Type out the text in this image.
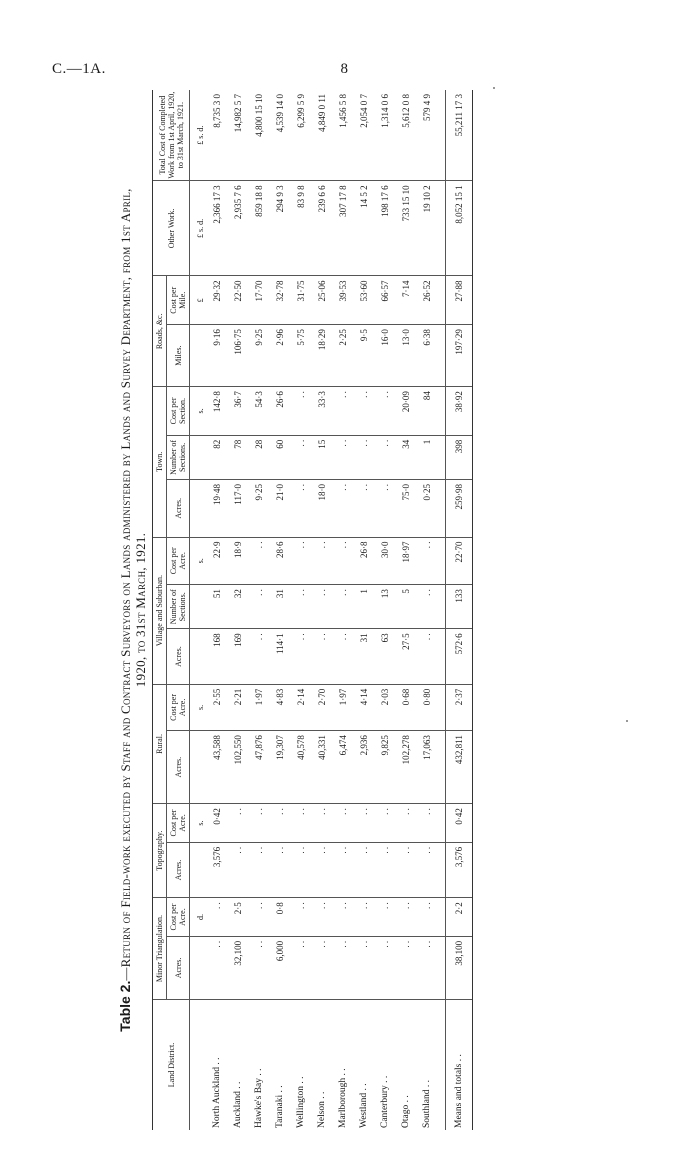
C.—1A.	8
Table 2.—Return of Field-work executed by Staff and Contract Surveyors on Lands administered by Lands and Survey Department, from 1st April,
1920, to 31st March, 1921.
Land District.	Minor Triangulation.		Topography.		Rural.		Village and Suburban.			Town.			Roads, &c.		Other Work.	Total Cost of Completed Work from 1st April, 1920, to 31st March, 1921.
	Acres.	Cost per Acre.	Acres.	Cost per Acre.	Acres.	Cost per Acre.	Acres.	Number of Sections.	Cost per Acre.	Acres.	Number of Sections.	Cost per Section.	Miles.	Cost per Mile.		
		d.		s.		s.			s.			s.		£	£ s. d.	£ s. d.
North Auckland . .	. .	. .	3,576	0·42	43,588	2·55	168	51	22·9	19·48	82	142·8	9·16	29·32	2,366 17 3	8,735 3 0
Auckland . .	32,100	2·5	. .	. .	102,550	2·21	169	32	18·9	117·0	78	36·7	106·75	22·50	2,935 7 6	14,982 5 7
Hawke's Bay . .	. .	. .	. .	. .	47,876	1·97	. .	. .	. .	9·25	28	54·3	9·25	17·70	859 18 8	4,800 15 10
Taranaki . .	6,000	0·8	. .	. .	19,307	4·83	114·1	31	28·6	21·0	60	26·6	2·96	32·78	294 9 3	4,539 14 0
Wellington . .	. .	. .	. .	. .	40,578	2·14	. .	. .	. .	. .	. .	. .	5·75	31·75	83 9 8	6,299 5 9
Nelson . .	. .	. .	. .	. .	40,331	2·70	. .	. .	. .	18·0	15	33·3	18·29	25·06	239 6 6	4,849 0 11
Marlborough . .	. .	. .	. .	. .	6,474	1·97	. .	. .	. .	. .	. .	. .	2·25	39·53	307 17 8	1,456 5 8
Westland . .	. .	. .	. .	. .	2,936	4·14	31	1	26·8	. .	. .	. .	9·5	53·60	14 5 2	2,054 0 7
Canterbury . .	. .	. .	. .	. .	9,825	2·03	63	13	30·0	. .	. .	. .	16·0	66·57	198 17 6	1,314 0 6
Otago . .	. .	. .	. .	. .	102,278	0·68	27·5	5	18·97	75·0	34	20·09	13·0	7·14	733 15 10	5,612 0 8
Southland . .	. .	. .	. .	. .	17,063	0·80	. .	. .	. .	0·25	1	84	6·38	26·52	19 10 2	579 4 9

Means and totals . .	38,100	2·2	3,576	0·42	432,811	2·37	572·6	133	22·70	259·98	398	38·92	197·29	27·88	8,052 15 1	55,211 17 3
